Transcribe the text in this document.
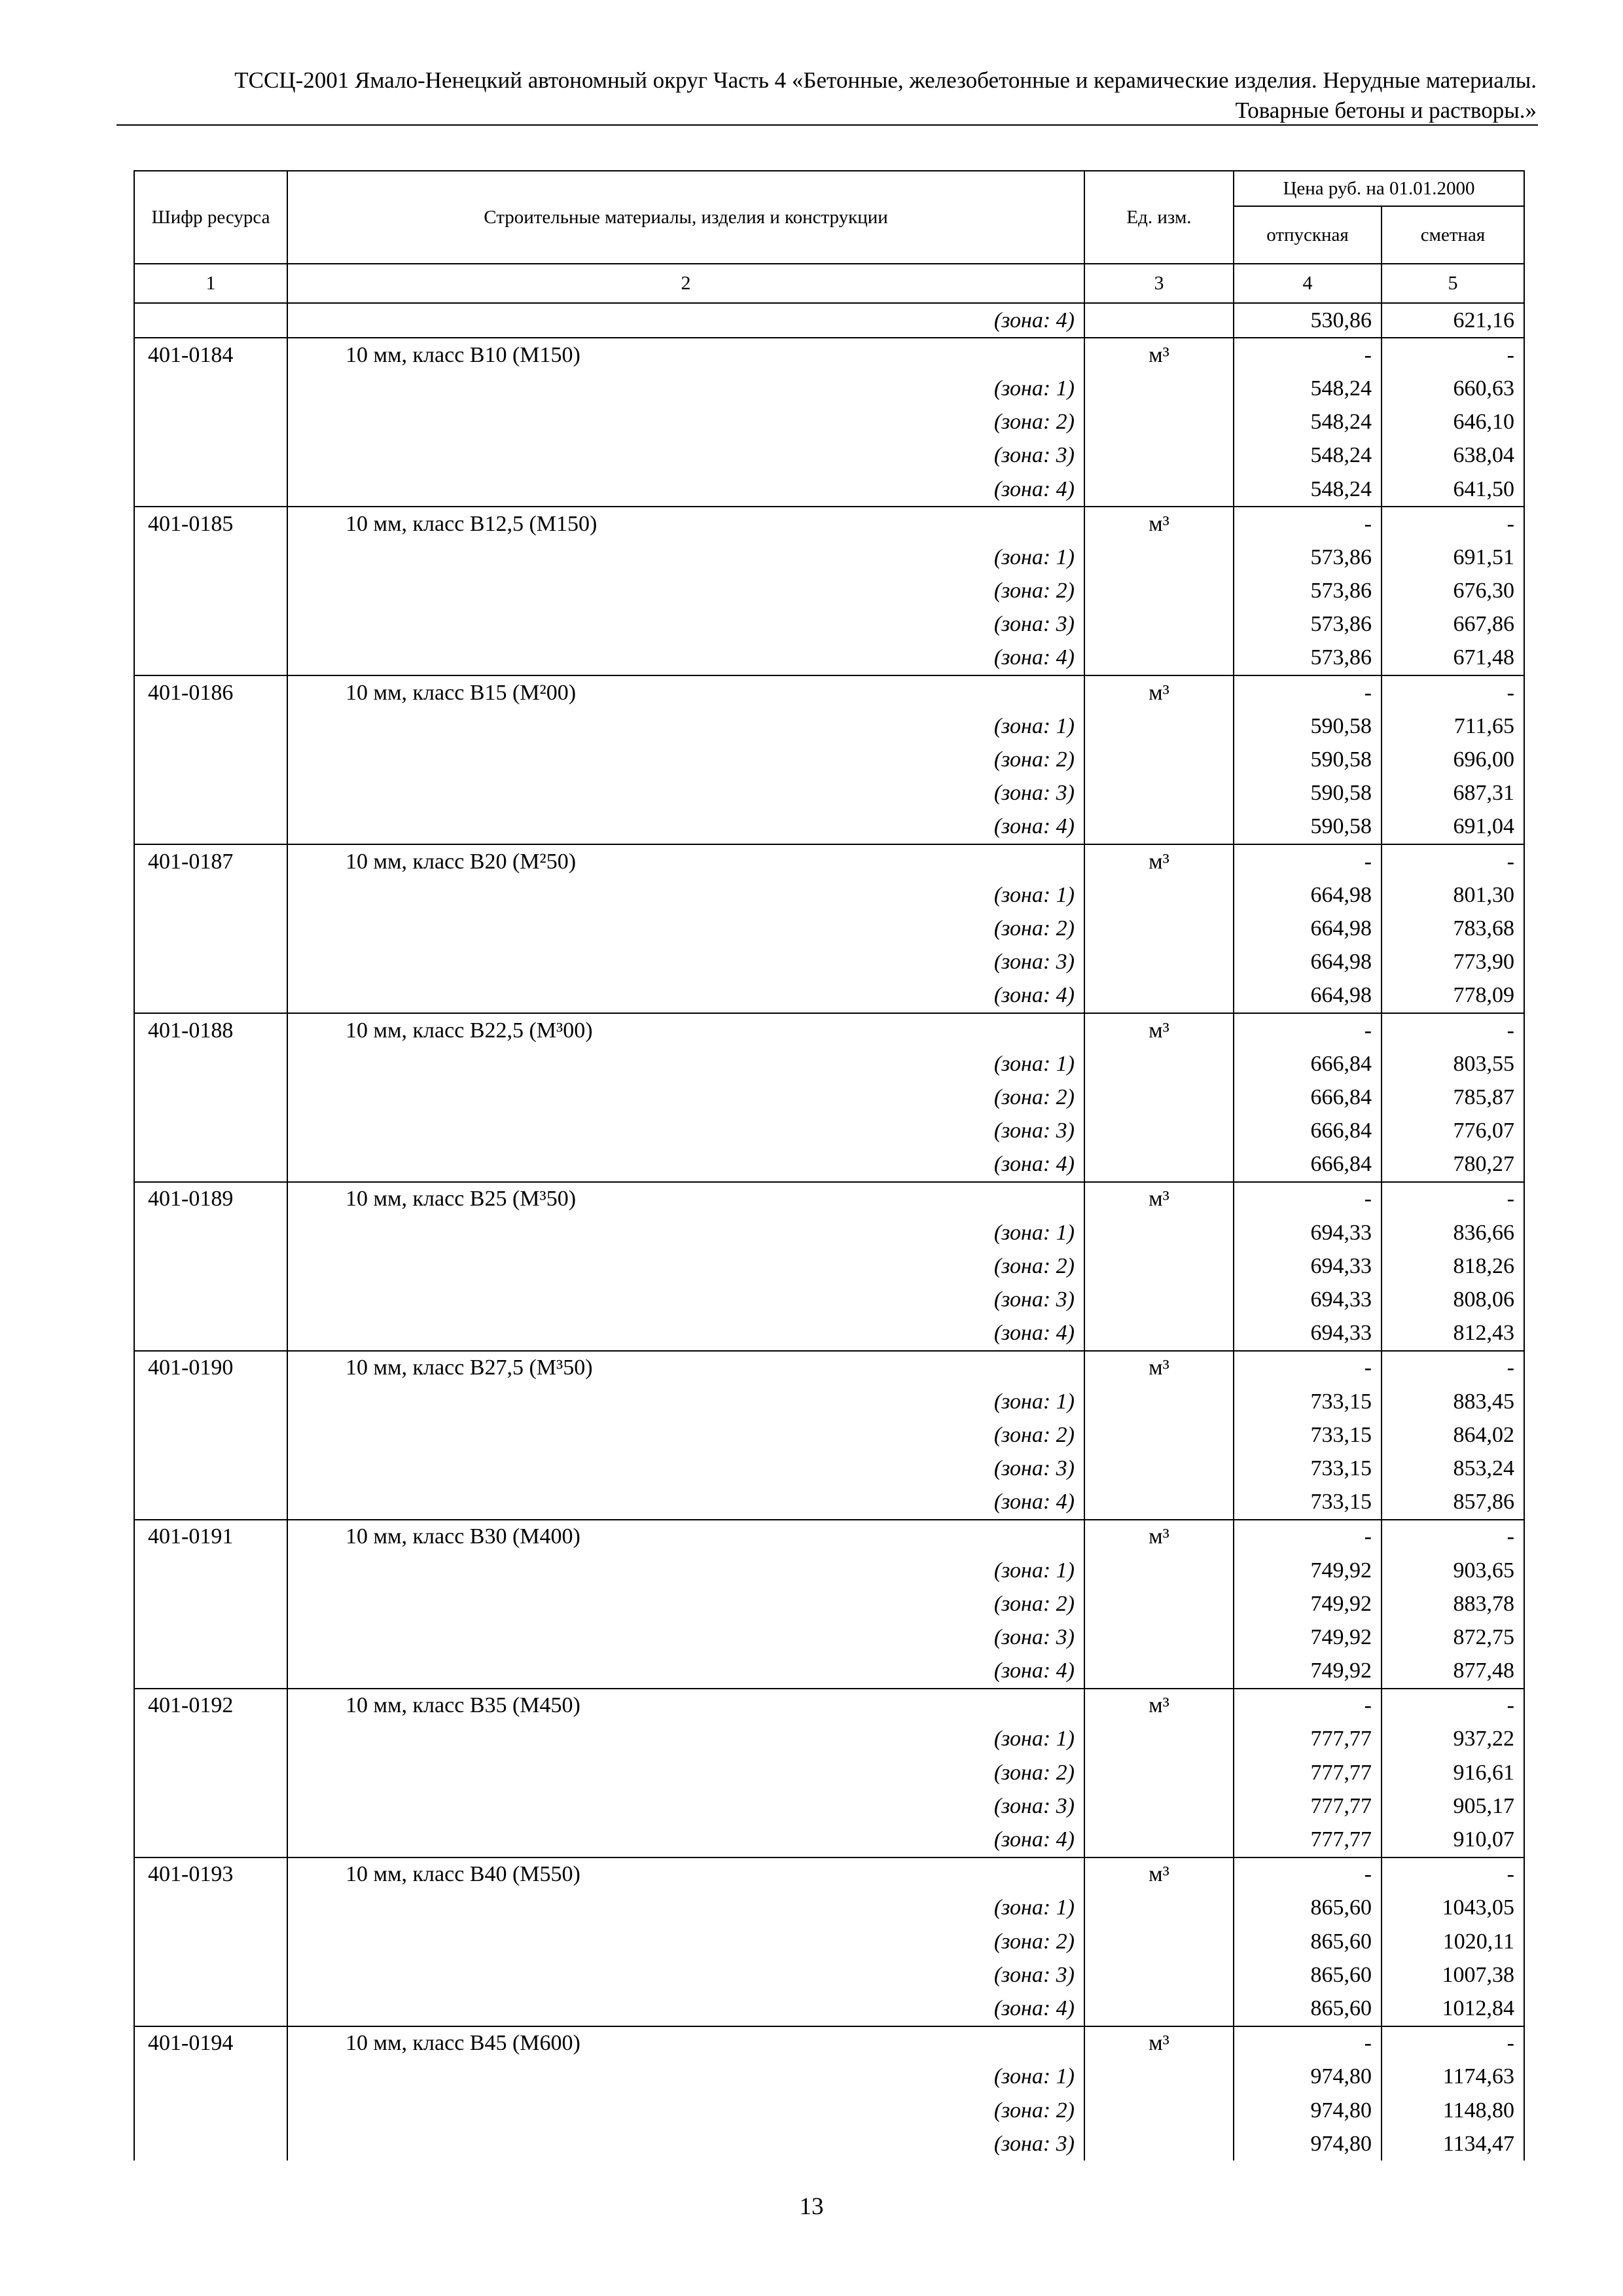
ТССЦ-2001 Ямало-Ненецкий автономный округ Часть 4 «Бетонные, железобетонные и керамические изделия. Нерудные материалы.
Товарные бетоны и растворы.»
Шифр ресурса	Строительные материалы, изделия и конструкции	Ед. изм.	Цена руб. на 01.01.2000	
			отпускная	сметная
1	2	3	4	5
	(зона: 4)		530,86	621,16
401-0184	10 мм, класс В10 (М150)	м³	-	-
	(зона: 1)		548,24	660,63
	(зона: 2)		548,24	646,10
	(зона: 3)		548,24	638,04
	(зона: 4)		548,24	641,50
401-0185	10 мм, класс В12,5 (М150)	м³	-	-
	(зона: 1)		573,86	691,51
	(зона: 2)		573,86	676,30
	(зона: 3)		573,86	667,86
	(зона: 4)		573,86	671,48
401-0186	10 мм, класс В15 (М²00)	м³	-	-
	(зона: 1)		590,58	711,65
	(зона: 2)		590,58	696,00
	(зона: 3)		590,58	687,31
	(зона: 4)		590,58	691,04
401-0187	10 мм, класс В20 (М²50)	м³	-	-
	(зона: 1)		664,98	801,30
	(зона: 2)		664,98	783,68
	(зона: 3)		664,98	773,90
	(зона: 4)		664,98	778,09
401-0188	10 мм, класс В22,5 (М³00)	м³	-	-
	(зона: 1)		666,84	803,55
	(зона: 2)		666,84	785,87
	(зона: 3)		666,84	776,07
	(зона: 4)		666,84	780,27
401-0189	10 мм, класс В25 (М³50)	м³	-	-
	(зона: 1)		694,33	836,66
	(зона: 2)		694,33	818,26
	(зона: 3)		694,33	808,06
	(зона: 4)		694,33	812,43
401-0190	10 мм, класс В27,5 (М³50)	м³	-	-
	(зона: 1)		733,15	883,45
	(зона: 2)		733,15	864,02
	(зона: 3)		733,15	853,24
	(зона: 4)		733,15	857,86
401-0191	10 мм, класс В30 (М400)	м³	-	-
	(зона: 1)		749,92	903,65
	(зона: 2)		749,92	883,78
	(зона: 3)		749,92	872,75
	(зона: 4)		749,92	877,48
401-0192	10 мм, класс В35 (М450)	м³	-	-
	(зона: 1)		777,77	937,22
	(зона: 2)		777,77	916,61
	(зона: 3)		777,77	905,17
	(зона: 4)		777,77	910,07
401-0193	10 мм, класс В40 (М550)	м³	-	-
	(зона: 1)		865,60	1043,05
	(зона: 2)		865,60	1020,11
	(зона: 3)		865,60	1007,38
	(зона: 4)		865,60	1012,84
401-0194	10 мм, класс В45 (М600)	м³	-	-
	(зона: 1)		974,80	1174,63
	(зона: 2)		974,80	1148,80
	(зона: 3)		974,80	1134,47
13
